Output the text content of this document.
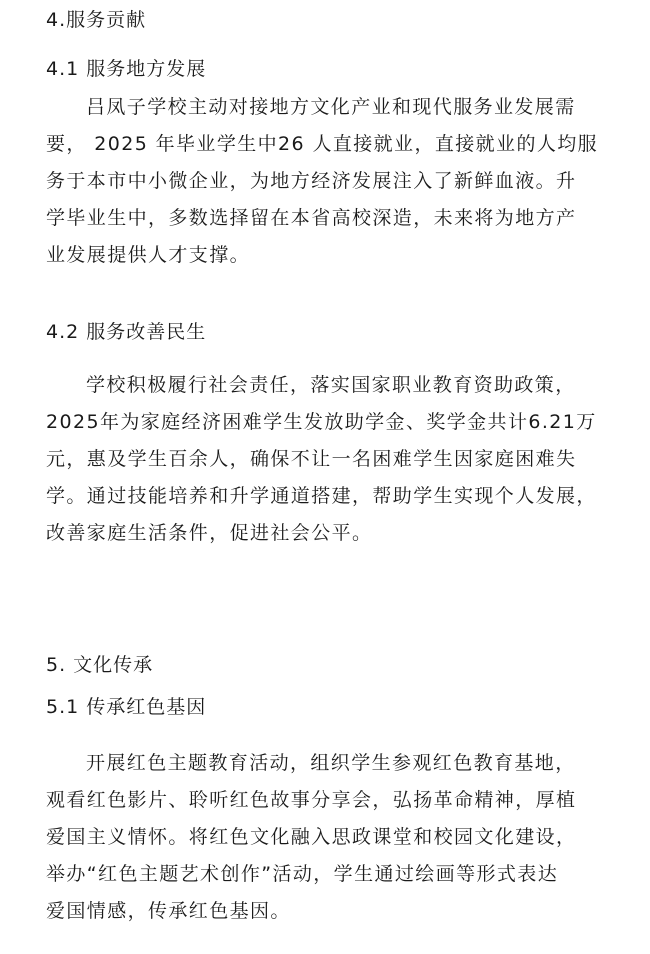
4.服务贡献
4.1 服务地方发展
吕凤子学校主动对接地方文化产业和现代服务业发展需
要， 2025 年毕业学生中26 人直接就业，直接就业的人均服
务于本市中小微企业，为地方经济发展注入了新鲜血液。升
学毕业生中，多数选择留在本省高校深造，未来将为地方产
业发展提供人才支撑。
4.2 服务改善民生
学校积极履行社会责任，落实国家职业教育资助政策，
2025年为家庭经济困难学生发放助学金、奖学金共计6.21万
元，惠及学生百余人，确保不让一名困难学生因家庭困难失
学。通过技能培养和升学通道搭建，帮助学生实现个人发展，
改善家庭生活条件，促进社会公平。
5. 文化传承
5.1 传承红色基因
开展红色主题教育活动，组织学生参观红色教育基地，
观看红色影片、聆听红色故事分享会，弘扬革命精神，厚植
爱国主义情怀。将红色文化融入思政课堂和校园文化建设，
举办“红色主题艺术创作”活动，学生通过绘画等形式表达
爱国情感，传承红色基因。
